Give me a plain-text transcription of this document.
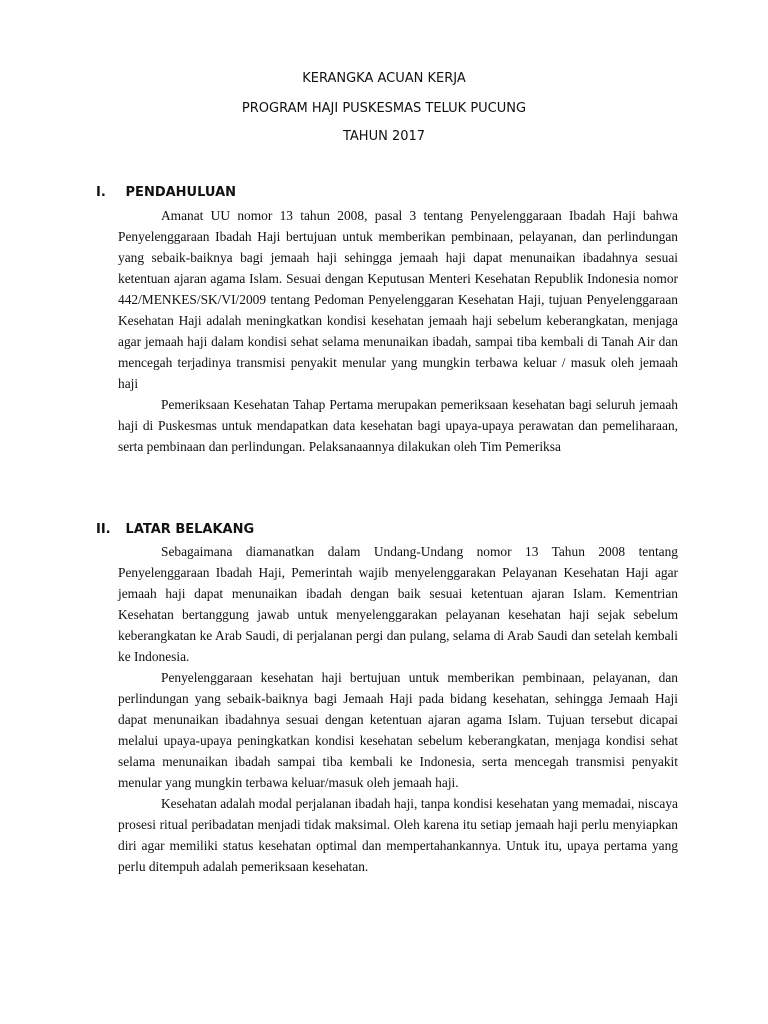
KERANGKA ACUAN KERJA
PROGRAM HAJI PUSKESMAS TELUK PUCUNG
TAHUN 2017
I. PENDAHULUAN

Amanat UU nomor 13 tahun 2008, pasal 3 tentang Penyelenggaraan Ibadah Haji bahwa Penyelenggaraan Ibadah Haji bertujuan untuk memberikan pembinaan, pelayanan, dan perlindungan yang sebaik-baiknya bagi jemaah haji sehingga jemaah haji dapat menunaikan ibadahnya sesuai ketentuan ajaran agama Islam. Sesuai dengan Keputusan Menteri Kesehatan Republik Indonesia nomor 442/MENKES/SK/VI/2009 tentang Pedoman Penyelenggaran Kesehatan Haji, tujuan Penyelenggaraan Kesehatan Haji adalah meningkatkan kondisi kesehatan jemaah haji sebelum keberangkatan, menjaga agar jemaah haji dalam kondisi sehat selama menunaikan ibadah, sampai tiba kembali di Tanah Air dan mencegah terjadinya transmisi penyakit menular yang mungkin terbawa keluar / masuk oleh jemaah haji

Pemeriksaan Kesehatan Tahap Pertama merupakan pemeriksaan kesehatan bagi seluruh jemaah haji di Puskesmas untuk mendapatkan data kesehatan bagi upaya-upaya perawatan dan pemeliharaan, serta pembinaan dan perlindungan. Pelaksanaannya dilakukan oleh Tim Pemeriksa

II. LATAR BELAKANG

Sebagaimana diamanatkan dalam Undang-Undang nomor 13 Tahun 2008 tentang Penyelenggaraan Ibadah Haji, Pemerintah wajib menyelenggarakan Pelayanan Kesehatan Haji agar jemaah haji dapat menunaikan ibadah dengan baik sesuai ketentuan ajaran Islam. Kementrian Kesehatan bertanggung jawab untuk menyelenggarakan pelayanan kesehatan haji sejak sebelum keberangkatan ke Arab Saudi, di perjalanan pergi dan pulang, selama di Arab Saudi dan setelah kembali ke Indonesia.

Penyelenggaraan kesehatan haji bertujuan untuk memberikan pembinaan, pelayanan, dan perlindungan yang sebaik-baiknya bagi Jemaah Haji pada bidang kesehatan, sehingga Jemaah Haji dapat menunaikan ibadahnya sesuai dengan ketentuan ajaran agama Islam. Tujuan tersebut dicapai melalui upaya-upaya peningkatkan kondisi kesehatan sebelum keberangkatan, menjaga kondisi sehat selama menunaikan ibadah sampai tiba kembali ke Indonesia, serta mencegah transmisi penyakit menular yang mungkin terbawa keluar/masuk oleh jemaah haji.

Kesehatan adalah modal perjalanan ibadah haji, tanpa kondisi kesehatan yang memadai, niscaya prosesi ritual peribadatan menjadi tidak maksimal. Oleh karena itu setiap jemaah haji perlu menyiapkan diri agar memiliki status kesehatan optimal dan mempertahankannya. Untuk itu, upaya pertama yang perlu ditempuh adalah pemeriksaan kesehatan.
